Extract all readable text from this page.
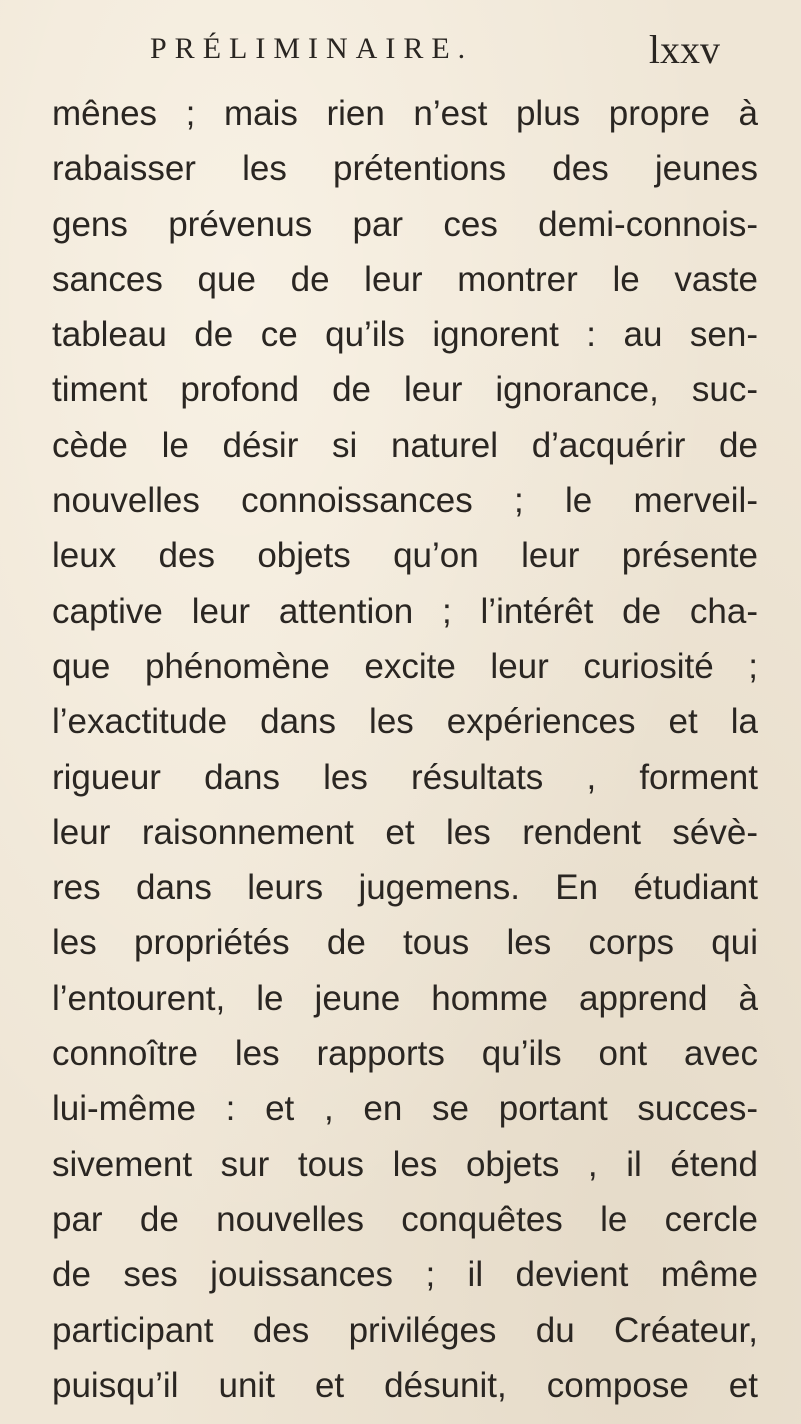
PRÉLIMINAIRE.	lxxv
mênes ; mais rien n’est plus propre à
rabaisser les prétentions des jeunes
gens prévenus par ces demi-connois-
sances que de leur montrer le vaste
tableau de ce qu’ils ignorent : au sen-
timent profond de leur ignorance, suc-
cède le désir si naturel d’acquérir de
nouvelles connoissances ; le merveil-
leux des objets qu’on leur présente
captive leur attention ; l’intérêt de cha-
que phénomène excite leur curiosité ;
l’exactitude dans les expériences et la
rigueur dans les résultats , forment
leur raisonnement et les rendent sévè-
res dans leurs jugemens. En étudiant
les propriétés de tous les corps qui
l’entourent, le jeune homme apprend à
connoître les rapports qu’ils ont avec
lui-même : et , en se portant succes-
sivement sur tous les objets , il étend
par de nouvelles conquêtes le cercle
de ses jouissances ; il devient même
participant des priviléges du Créateur,
puisqu’il unit et désunit, compose et
